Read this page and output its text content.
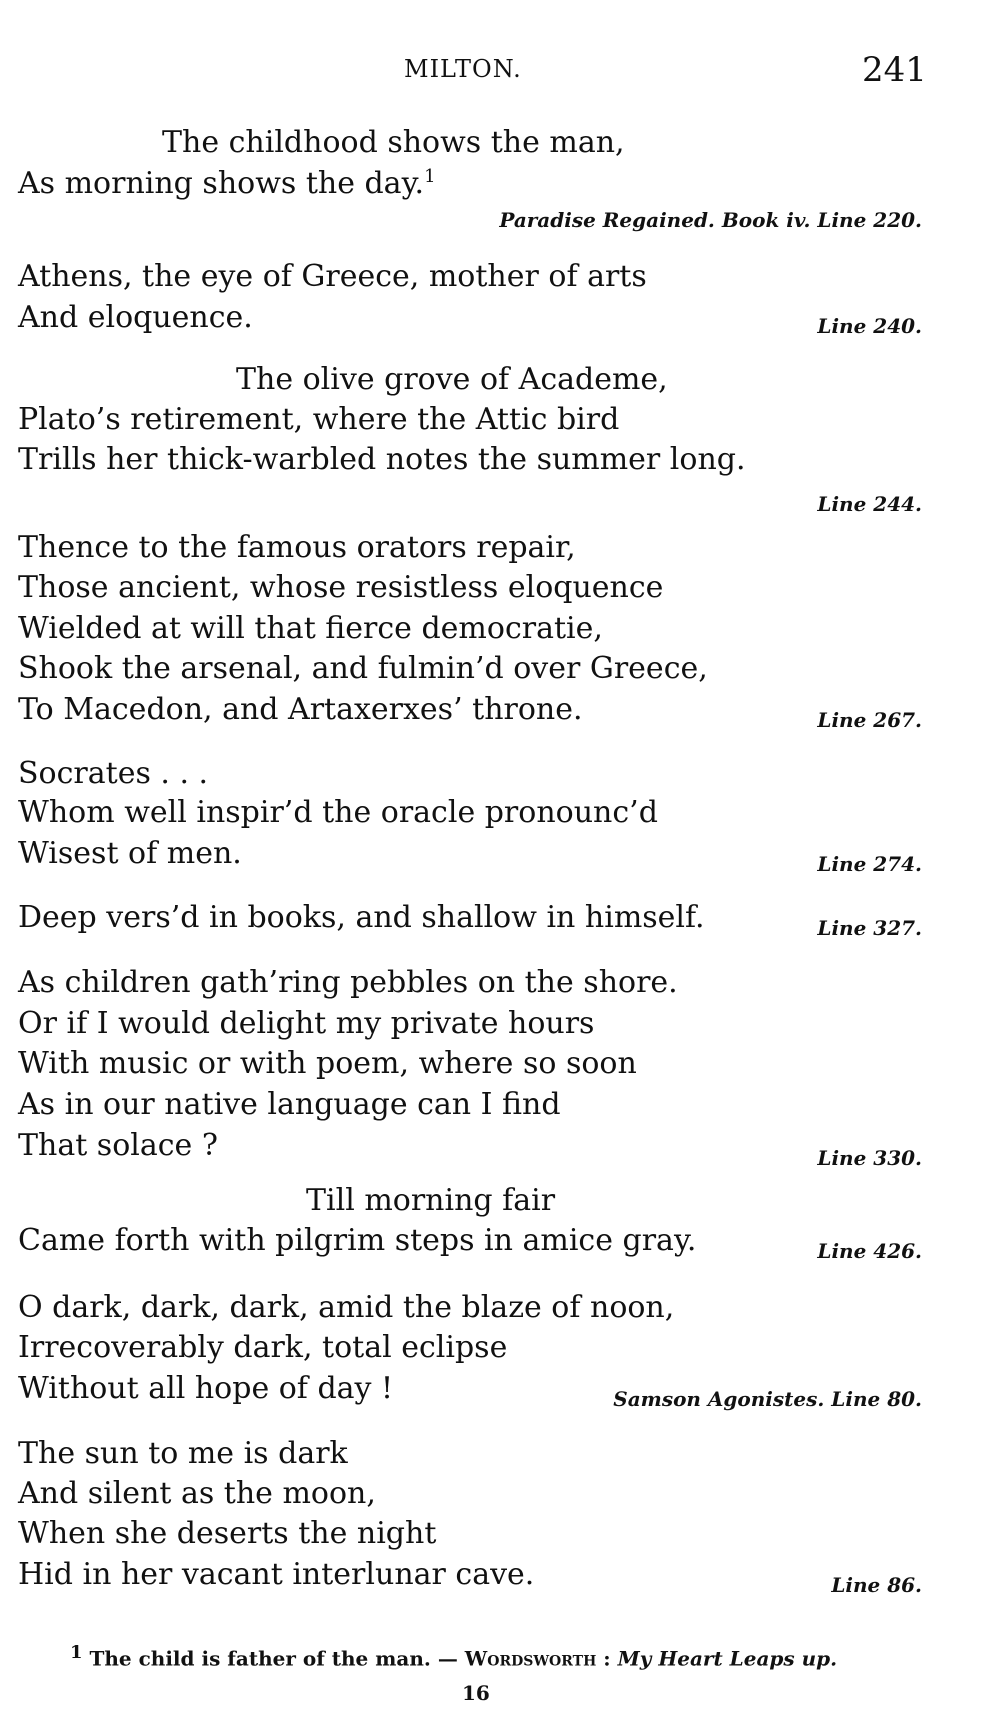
MILTON.	241
The childhood shows the man,
As morning shows the day.$^1$
Paradise Regained. Book iv. Line 220.
Athens, the eye of Greece, mother of arts
And eloquence.	Line 240.
The olive grove of Academe,
Plato’s retirement, where the Attic bird
Trills her thick-warbled notes the summer long.
Line 244.
Thence to the famous orators repair,
Those ancient, whose resistless eloquence
Wielded at will that fierce democratie,
Shook the arsenal, and fulmin’d over Greece,
To Macedon, and Artaxerxes’ throne.	Line 267.
Socrates . . .
Whom well inspir’d the oracle pronounc’d
Wisest of men.	Line 274.
Deep vers’d in books, and shallow in himself.	Line 327.
As children gath’ring pebbles on the shore.
Or if I would delight my private hours
With music or with poem, where so soon
As in our native language can I find
That solace ?	Line 330.
Till morning fair
Came forth with pilgrim steps in amice gray.	Line 426.
O dark, dark, dark, amid the blaze of noon,
Irrecoverably dark, total eclipse
Without all hope of day !	Samson Agonistes. Line 80.
The sun to me is dark
And silent as the moon,
When she deserts the night
Hid in her vacant interlunar cave.	Line 86.
$^1$ The child is father of the man. — Wordsworth : My Heart Leaps up.
16
